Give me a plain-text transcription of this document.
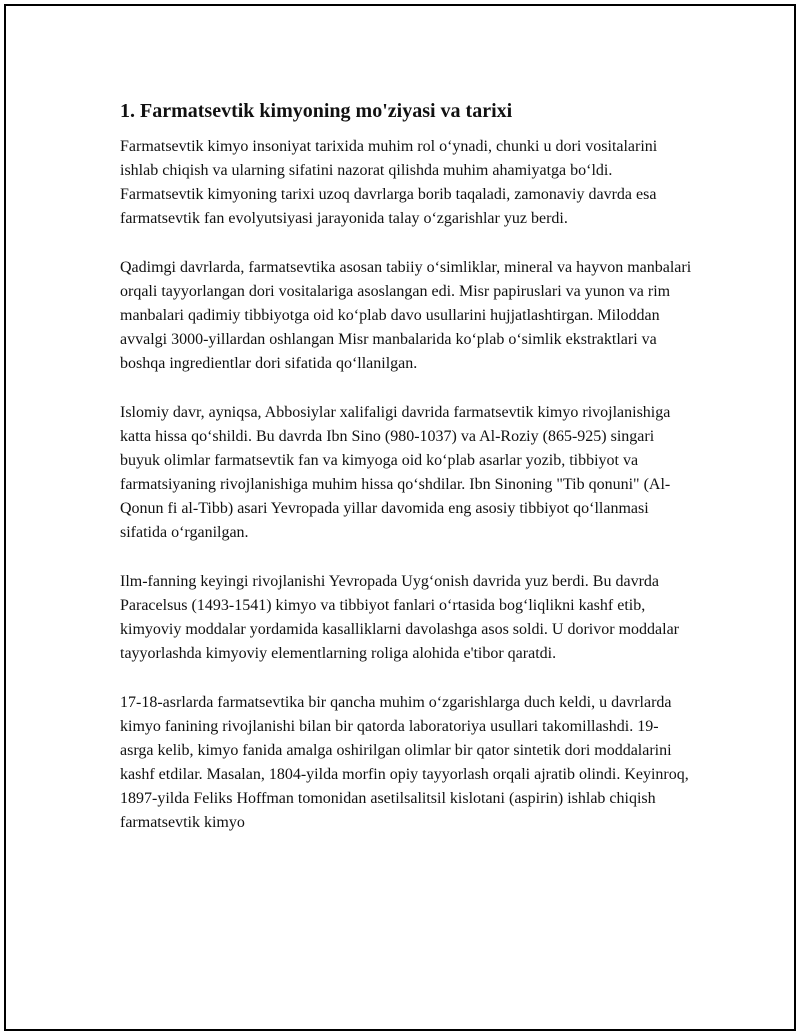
1. Farmatsevtik kimyoning mo'ziyasi va tarixi

Farmatsevtik kimyo insoniyat tarixida muhim rol oʻynadi, chunki u dori vositalarini ishlab chiqish va ularning sifatini nazorat qilishda muhim ahamiyatga boʻldi. Farmatsevtik kimyoning tarixi uzoq davrlarga borib taqaladi, zamonaviy davrda esa farmatsevtik fan evolyutsiyasi jarayonida talay oʻzgarishlar yuz berdi.

Qadimgi davrlarda, farmatsevtika asosan tabiiy oʻsimliklar, mineral va hayvon manbalari orqali tayyorlangan dori vositalariga asoslangan edi. Misr papiruslari va yunon va rim manbalari qadimiy tibbiyotga oid koʻplab davo usullarini hujjatlashtirgan. Miloddan avvalgi 3000-yillardan oshlangan Misr manbalarida koʻplab oʻsimlik ekstraktlari va boshqa ingredientlar dori sifatida qoʻllanilgan.

Islomiy davr, ayniqsa, Abbosiylar xalifaligi davrida farmatsevtik kimyo rivojlanishiga katta hissa qoʻshildi. Bu davrda Ibn Sino (980-1037) va Al-Roziy (865-925) singari buyuk olimlar farmatsevtik fan va kimyoga oid koʻplab asarlar yozib, tibbiyot va farmatsiyaning rivojlanishiga muhim hissa qoʻshdilar. Ibn Sinoning "Tib qonuni" (Al-Qonun fi al-Tibb) asari Yevropada yillar davomida eng asosiy tibbiyot qoʻllanmasi sifatida oʻrganilgan.

Ilm-fanning keyingi rivojlanishi Yevropada Uygʻonish davrida yuz berdi. Bu davrda Paracelsus (1493-1541) kimyo va tibbiyot fanlari oʻrtasida bogʻliqlikni kashf etib, kimyoviy moddalar yordamida kasalliklarni davolashga asos soldi. U dorivor moddalar tayyorlashda kimyoviy elementlarning roliga alohida e'tibor qaratdi.

17-18-asrlarda farmatsevtika bir qancha muhim oʻzgarishlarga duch keldi, u davrlarda kimyo fanining rivojlanishi bilan bir qatorda laboratoriya usullari takomillashdi. 19-asrga kelib, kimyo fanida amalga oshirilgan olimlar bir qator sintetik dori moddalarini kashf etdilar. Masalan, 1804-yilda morfin opiy tayyorlash orqali ajratib olindi. Keyinroq, 1897-yilda Feliks Hoffman tomonidan asetilsalitsil kislotani (aspirin) ishlab chiqish farmatsevtik kimyo
